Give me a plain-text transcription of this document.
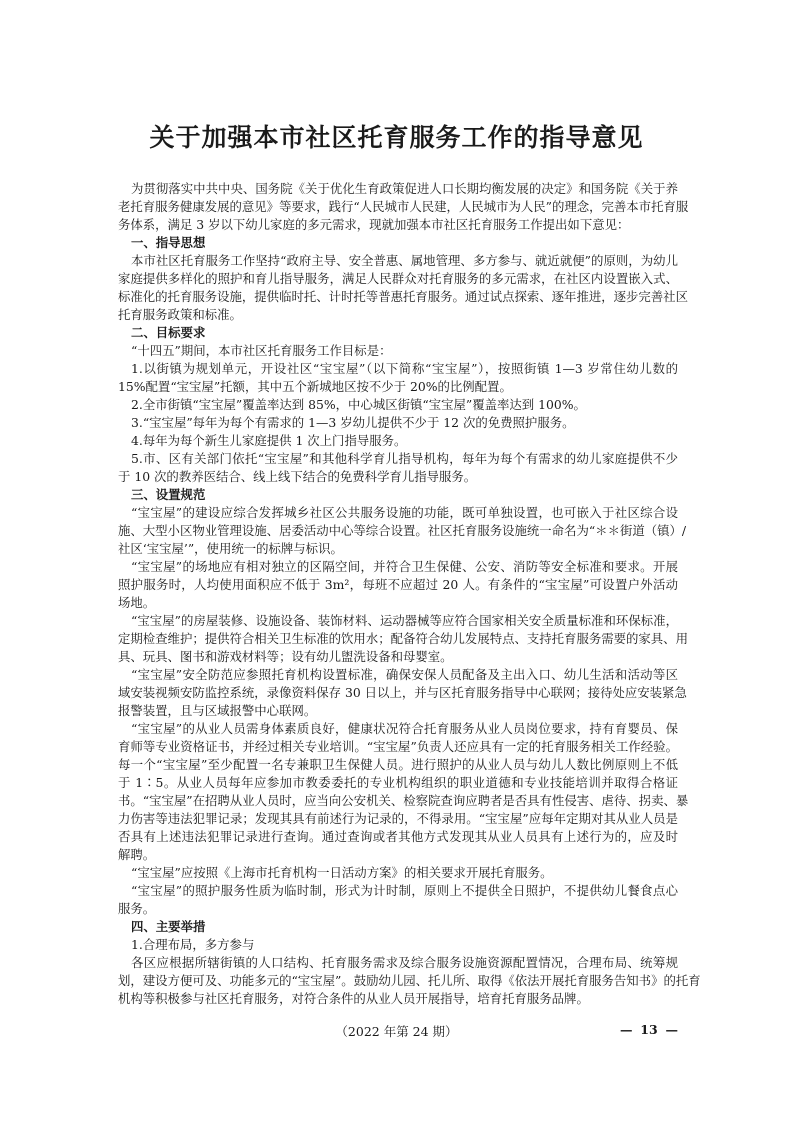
关于加强本市社区托育服务工作的指导意见
为贯彻落实中共中央、国务院《关于优化生育政策促进人口长期均衡发展的决定》和国务院《关于养
老托育服务健康发展的意见》等要求，践行“人民城市人民建，人民城市为人民”的理念，完善本市托育服
务体系，满足 3 岁以下幼儿家庭的多元需求，现就加强本市社区托育服务工作提出如下意见：
一、指导思想
本市社区托育服务工作坚持“政府主导、安全普惠、属地管理、多方参与、就近就便”的原则，为幼儿
家庭提供多样化的照护和育儿指导服务，满足人民群众对托育服务的多元需求，在社区内设置嵌入式、
标准化的托育服务设施，提供临时托、计时托等普惠托育服务。通过试点探索、逐年推进，逐步完善社区
托育服务政策和标准。
二、目标要求
“十四五”期间，本市社区托育服务工作目标是：
1.以街镇为规划单元，开设社区“宝宝屋”（以下简称“宝宝屋”），按照街镇 1—3 岁常住幼儿数的
15%配置“宝宝屋”托额，其中五个新城地区按不少于 20%的比例配置。
2.全市街镇“宝宝屋”覆盖率达到 85%，中心城区街镇“宝宝屋”覆盖率达到 100%。
3.“宝宝屋”每年为每个有需求的 1—3 岁幼儿提供不少于 12 次的免费照护服务。
4.每年为每个新生儿家庭提供 1 次上门指导服务。
5.市、区有关部门依托“宝宝屋”和其他科学育儿指导机构，每年为每个有需求的幼儿家庭提供不少
于 10 次的教养医结合、线上线下结合的免费科学育儿指导服务。
三、设置规范
“宝宝屋”的建设应综合发挥城乡社区公共服务设施的功能，既可单独设置，也可嵌入于社区综合设
施、大型小区物业管理设施、居委活动中心等综合设置。社区托育服务设施统一命名为“＊＊街道（镇）/
社区‘宝宝屋’”，使用统一的标牌与标识。
“宝宝屋”的场地应有相对独立的区隔空间，并符合卫生保健、公安、消防等安全标准和要求。开展
照护服务时，人均使用面积应不低于 3m²，每班不应超过 20 人。有条件的“宝宝屋”可设置户外活动
场地。
“宝宝屋”的房屋装修、设施设备、装饰材料、运动器械等应符合国家相关安全质量标准和环保标准，
定期检查维护；提供符合相关卫生标准的饮用水；配备符合幼儿发展特点、支持托育服务需要的家具、用
具、玩具、图书和游戏材料等；设有幼儿盥洗设备和母婴室。
“宝宝屋”安全防范应参照托育机构设置标准，确保安保人员配备及主出入口、幼儿生活和活动等区
域安装视频安防监控系统，录像资料保存 30 日以上，并与区托育服务指导中心联网；接待处应安装紧急
报警装置，且与区域报警中心联网。
“宝宝屋”的从业人员需身体素质良好，健康状况符合托育服务从业人员岗位要求，持有育婴员、保
育师等专业资格证书，并经过相关专业培训。“宝宝屋”负责人还应具有一定的托育服务相关工作经验。
每一个“宝宝屋”至少配置一名专兼职卫生保健人员。进行照护的从业人员与幼儿人数比例原则上不低
于 1∶5。从业人员每年应参加市教委委托的专业机构组织的职业道德和专业技能培训并取得合格证
书。“宝宝屋”在招聘从业人员时，应当向公安机关、检察院查询应聘者是否具有性侵害、虐待、拐卖、暴
力伤害等违法犯罪记录；发现其具有前述行为记录的，不得录用。“宝宝屋”应每年定期对其从业人员是
否具有上述违法犯罪记录进行查询。通过查询或者其他方式发现其从业人员具有上述行为的，应及时
解聘。
“宝宝屋”应按照《上海市托育机构一日活动方案》的相关要求开展托育服务。
“宝宝屋”的照护服务性质为临时制，形式为计时制，原则上不提供全日照护，不提供幼儿餐食点心
服务。
四、主要举措
1.合理布局，多方参与
各区应根据所辖街镇的人口结构、托育服务需求及综合服务设施资源配置情况，合理布局、统筹规
划，建设方便可及、功能多元的“宝宝屋”。鼓励幼儿园、托儿所、取得《依法开展托育服务告知书》的托育
机构等积极参与社区托育服务，对符合条件的从业人员开展指导，培育托育服务品牌。
（2022 年第 24 期）	— 13 —
